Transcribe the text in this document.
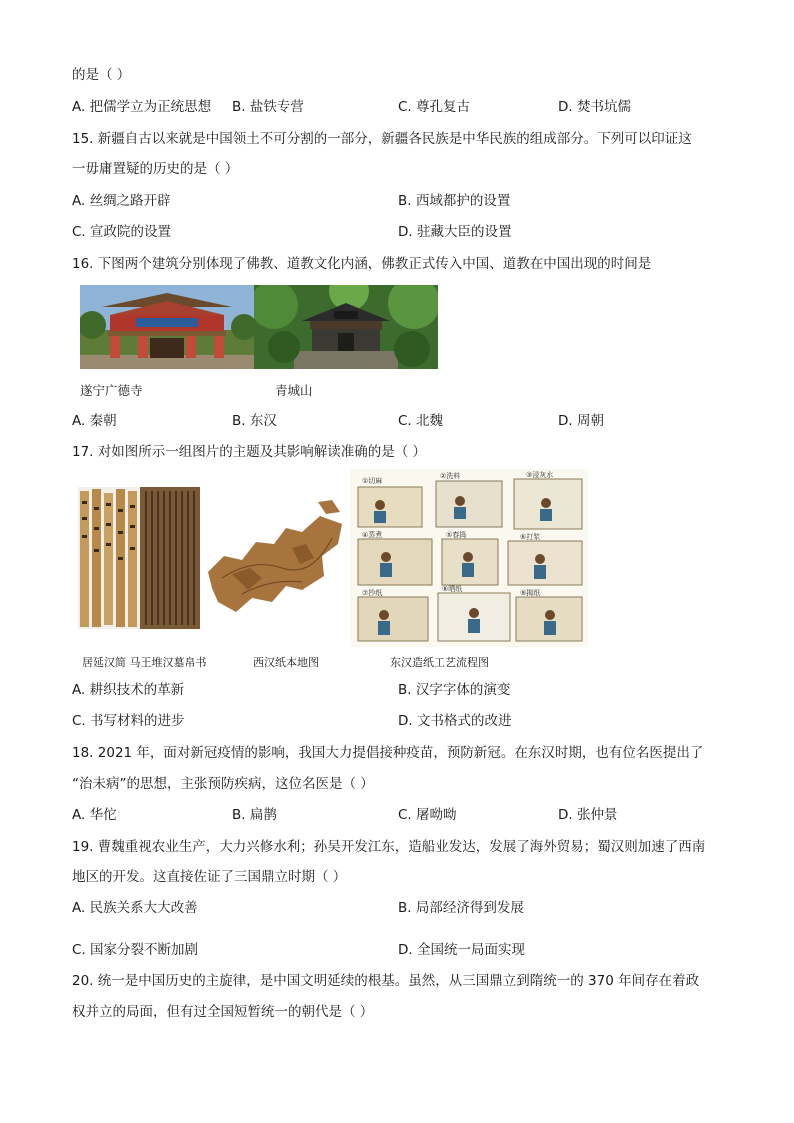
的是（ ）
A. 把儒学立为正统思想 B. 盐铁专营	C. 尊孔复古	D. 焚书坑儒
15. 新疆自古以来就是中国领土不可分割的一部分，新疆各民族是中华民族的组成部分。下列可以印证这
一毋庸置疑的历史的是（ ）
A. 丝绸之路开辟	B. 西域都护的设置
C. 宣政院的设置	D. 驻藏大臣的设置
16. 下图两个建筑分别体现了佛教、道教文化内涵，佛教正式传入中国、道教在中国出现的时间是
遂宁广德寺	青城山
A. 秦朝	B. 东汉	C. 北魏	D. 周朝
17. 对如图所示一组图片的主题及其影响解读准确的是（ ）
①切麻
②洗料	③浸灰水
④蒸煮	⑤舂捣	⑥打浆
⑦抄纸	⑧晒纸	⑨揭纸
居延汉简 马王堆汉墓帛书	西汉纸本地图	东汉造纸工艺流程图
A. 耕织技术的革新	B. 汉字字体的演变
C. 书写材料的进步	D. 文书格式的改进
18. 2021 年，面对新冠疫情的影响，我国大力提倡接种疫苗，预防新冠。在东汉时期，也有位名医提出了
“治未病”的思想，主张预防疾病，这位名医是（ ）
A. 华佗	B. 扁鹊	C. 屠呦呦	D. 张仲景
19. 曹魏重视农业生产，大力兴修水利；孙吴开发江东，造船业发达，发展了海外贸易；蜀汉则加速了西南
地区的开发。这直接佐证了三国鼎立时期（ ）
A. 民族关系大大改善	B. 局部经济得到发展
C. 国家分裂不断加剧	D. 全国统一局面实现
20. 统一是中国历史的主旋律，是中国文明延续的根基。虽然，从三国鼎立到隋统一的 370 年间存在着政
权并立的局面，但有过全国短暂统一的朝代是（ ）
